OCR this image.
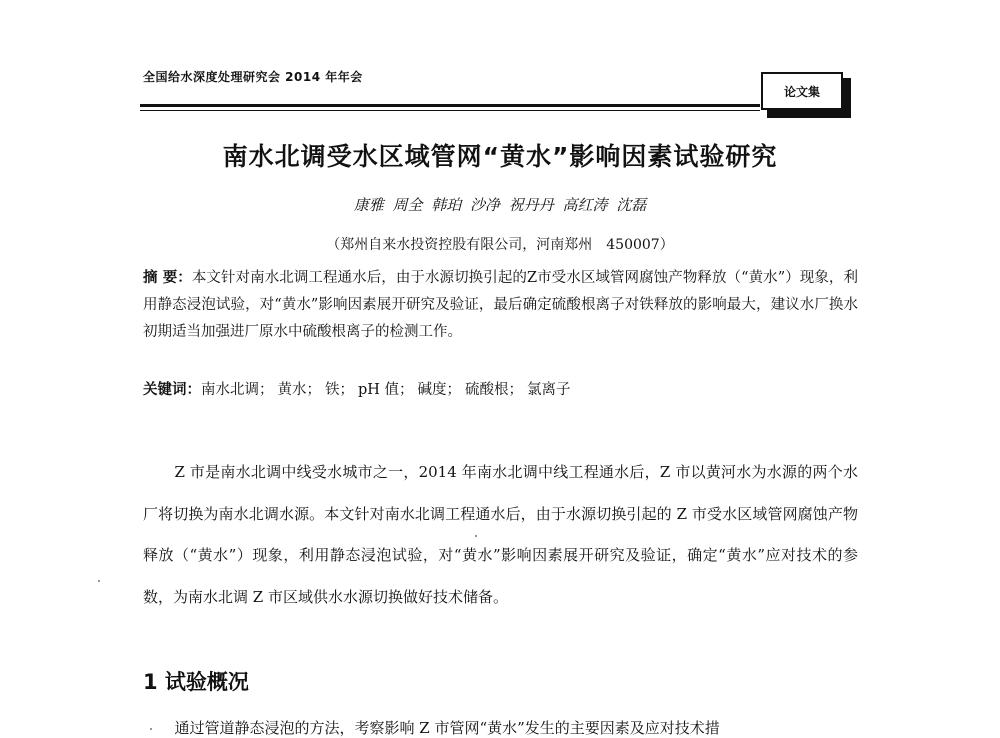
全国给水深度处理研究会 2014 年年会
论文集
南水北调受水区域管网“黄水”影响因素试验研究
康雅 周全 韩珀 沙净 祝丹丹 高红涛 沈磊
（郑州自来水投资控股有限公司，河南郑州　450007）

摘 要：本文针对南水北调工程通水后，由于水源切换引起的Z市受水区域管网腐蚀产物释放（“黄水”）现象，利用静态浸泡试验，对“黄水”影响因素展开研究及验证，最后确定硫酸根离子对铁释放的影响最大，建议水厂换水初期适当加强进厂原水中硫酸根离子的检测工作。

关键词：南水北调； 黄水； 铁； pH 值； 碱度； 硫酸根； 氯离子

Z 市是南水北调中线受水城市之一，2014 年南水北调中线工程通水后，Z 市以黄河水为水源的两个水厂将切换为南水北调水源。本文针对南水北调工程通水后，由于水源切换引起的 Z 市受水区域管网腐蚀产物释放（“黄水”）现象，利用静态浸泡试验，对“黄水”影响因素展开研究及验证，确定“黄水”应对技术的参数，为南水北调 Z 市区域供水水源切换做好技术储备。

1 试验概况

通过管道静态浸泡的方法，考察影响 Z 市管网“黄水”发生的主要因素及应对技术措
